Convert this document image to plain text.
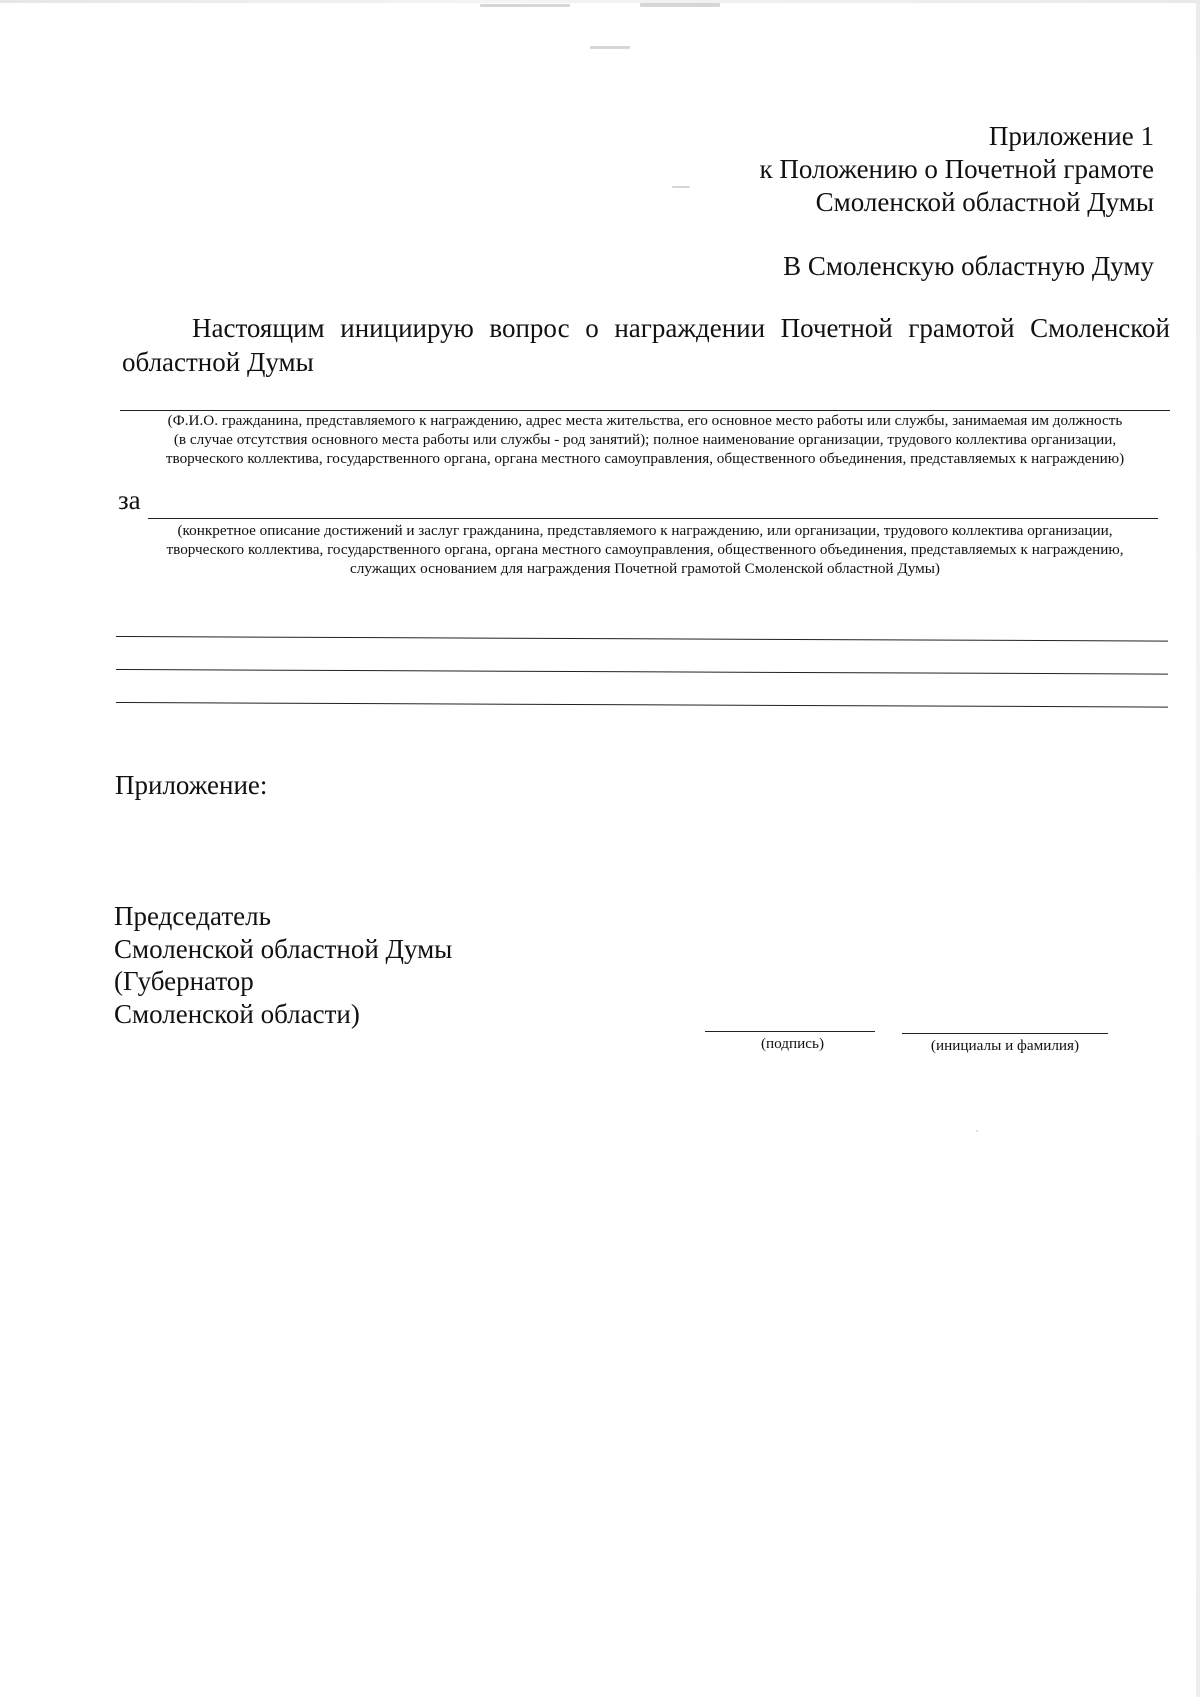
Приложение 1
к Положению о Почетной грамоте
Смоленской областной Думы
В Смоленскую областную Думу

Настоящим инициирую вопрос о награждении Почетной грамотой Смоленской областной Думы

(Ф.И.О. гражданина, представляемого к награждению, адрес места жительства, его основное место работы или службы, занимаемая им должность
(в случае отсутствия основного места работы или службы - род занятий); полное наименование организации, трудового коллектива организации,
творческого коллектива, государственного органа, органа местного самоуправления, общественного объединения, представляемых к награждению)
за
(конкретное описание достижений и заслуг гражданина, представляемого к награждению, или организации, трудового коллектива организации,
творческого коллектива, государственного органа, органа местного самоуправления, общественного объединения, представляемых к награждению,
служащих основанием для награждения Почетной грамотой Смоленской областной Думы)
Приложение:
Председатель
Смоленской областной Думы
(Губернатор
Смоленской области)
(подпись)	(инициалы и фамилия)
